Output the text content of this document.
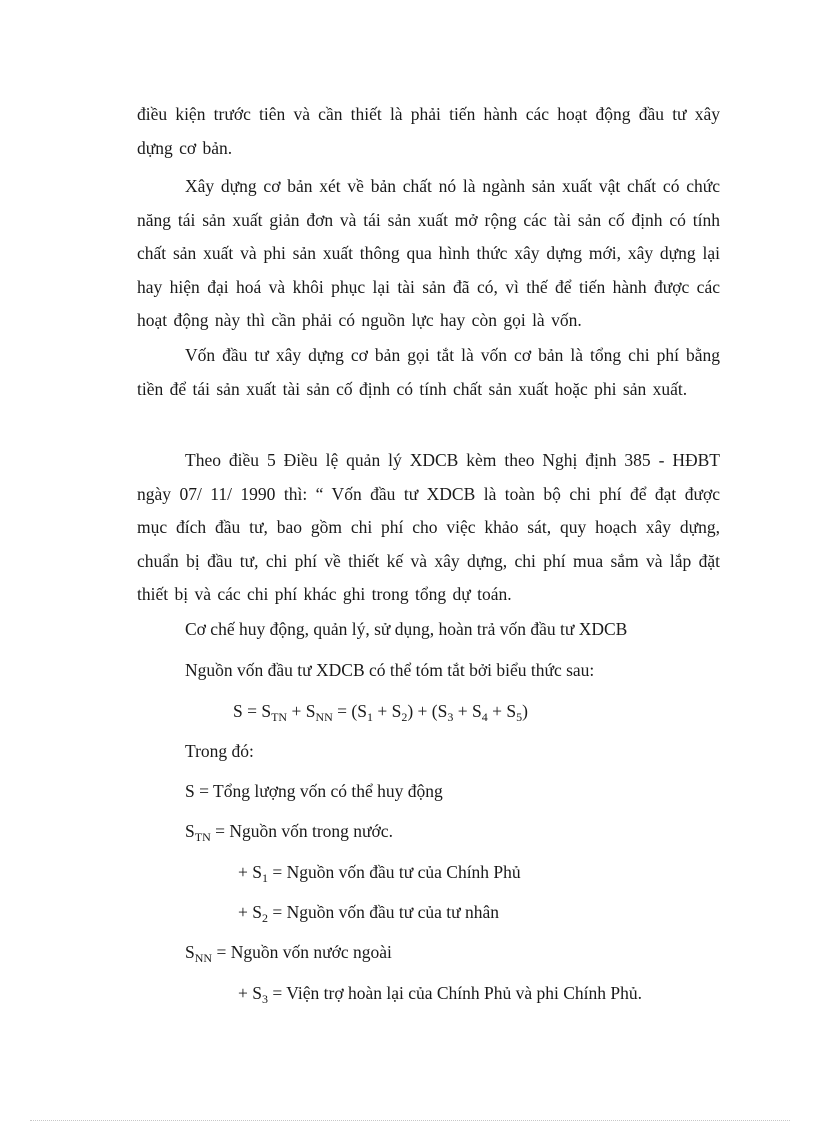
điều kiện trước tiên và cần thiết là phải tiến hành các hoạt động đầu tư xây dựng cơ bản.

Xây dựng cơ bản xét về bản chất nó là ngành sản xuất vật chất có chức năng tái sản xuất giản đơn và tái sản xuất mở rộng các tài sản cố định có tính chất sản xuất và phi sản xuất thông qua hình thức xây dựng mới, xây dựng lại hay hiện đại hoá và khôi phục lại tài sản đã có, vì thế để tiến hành được các hoạt động này thì cần phải có nguồn lực hay còn gọi là vốn.

Vốn đầu tư xây dựng cơ bản gọi tắt là vốn cơ bản là tổng chi phí bằng tiền để tái sản xuất tài sản cố định có tính chất sản xuất hoặc phi sản xuất.

Theo điều 5 Điều lệ quản lý XDCB kèm theo Nghị định 385 - HĐBT ngày 07/ 11/ 1990 thì: “ Vốn đầu tư XDCB là toàn bộ chi phí để đạt được mục đích đầu tư, bao gồm chi phí cho việc khảo sát, quy hoạch xây dựng, chuẩn bị đầu tư, chi phí về thiết kế và xây dựng, chi phí mua sắm và lắp đặt thiết bị và các chi phí khác ghi trong tổng dự toán.

Cơ chế huy động, quản lý, sử dụng, hoàn trả vốn đầu tư XDCB
Nguồn vốn đầu tư XDCB có thể tóm tắt bởi biểu thức sau:
$S = S_{TN} + S_{NN} = (S_1 + S_2) + (S_3 + S_4 + S_5)$
Trong đó:
S = Tổng lượng vốn có thể huy động
$S_{TN}$ = Nguồn vốn trong nước.
+ $S_1$ = Nguồn vốn đầu tư của Chính Phủ
+ $S_2$ = Nguồn vốn đầu tư của tư nhân
$S_{NN}$ = Nguồn vốn nước ngoài
+ $S_3$ = Viện trợ hoàn lại của Chính Phủ và phi Chính Phủ.
